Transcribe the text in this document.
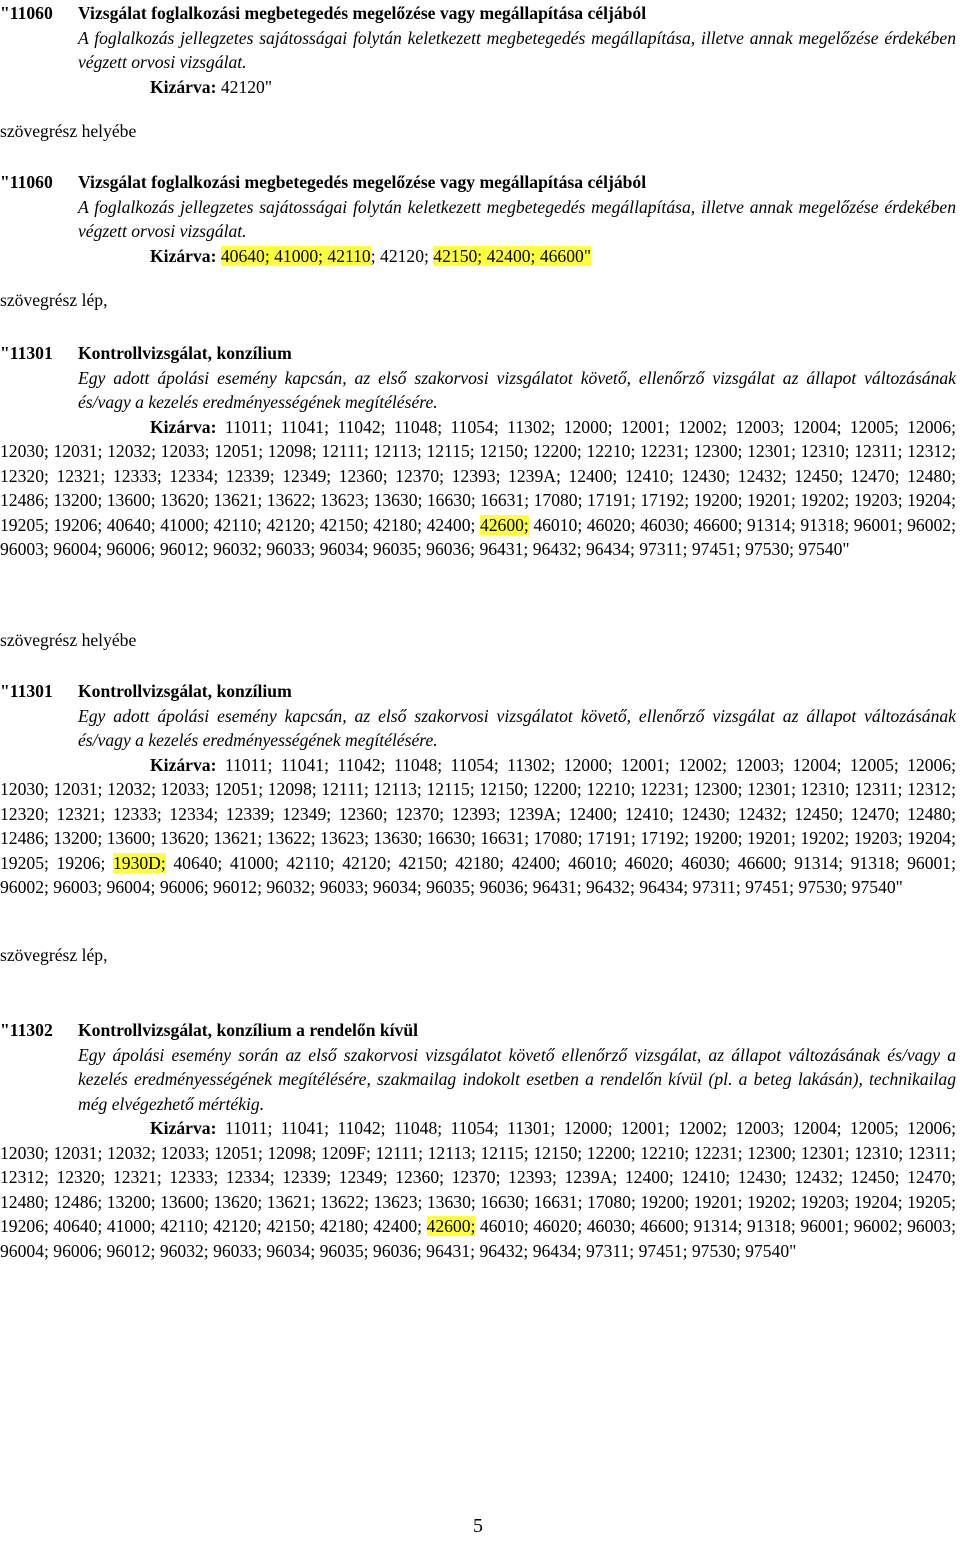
"11060 Vizsgálat foglalkozási megbetegedés megelőzése vagy megállapítása céljából
A foglalkozás jellegzetes sajátosságai folytán keletkezett megbetegedés megállapítása, illetve annak megelőzése érdekében végzett orvosi vizsgálat.
Kizárva: 42120"

szövegrész helyébe

"11060 Vizsgálat foglalkozási megbetegedés megelőzése vagy megállapítása céljából
A foglalkozás jellegzetes sajátosságai folytán keletkezett megbetegedés megállapítása, illetve annak megelőzése érdekében végzett orvosi vizsgálat.
Kizárva: 40640; 41000; 42110; 42120; 42150; 42400; 46600"

szövegrész lép,

"11301 Kontrollvizsgálat, konzílium
Egy adott ápolási esemény kapcsán, az első szakorvosi vizsgálatot követő, ellenőrző vizsgálat az állapot változásának és/vagy a kezelés eredményességének megítélésére.
Kizárva: 11011; 11041; 11042; 11048; 11054; 11302; 12000; 12001; 12002; 12003; 12004; 12005; 12006; 12030; 12031; 12032; 12033; 12051; 12098; 12111; 12113; 12115; 12150; 12200; 12210; 12231; 12300; 12301; 12310; 12311; 12312; 12320; 12321; 12333; 12334; 12339; 12349; 12360; 12370; 12393; 1239A; 12400; 12410; 12430; 12432; 12450; 12470; 12480; 12486; 13200; 13600; 13620; 13621; 13622; 13623; 13630; 16630; 16631; 17080; 17191; 17192; 19200; 19201; 19202; 19203; 19204; 19205; 19206; 40640; 41000; 42110; 42120; 42150; 42180; 42400; 42600; 46010; 46020; 46030; 46600; 91314; 91318; 96001; 96002; 96003; 96004; 96006; 96012; 96032; 96033; 96034; 96035; 96036; 96431; 96432; 96434; 97311; 97451; 97530; 97540"

szövegrész helyébe

"11301 Kontrollvizsgálat, konzílium
Egy adott ápolási esemény kapcsán, az első szakorvosi vizsgálatot követő, ellenőrző vizsgálat az állapot változásának és/vagy a kezelés eredményességének megítélésére.
Kizárva: 11011; 11041; 11042; 11048; 11054; 11302; 12000; 12001; 12002; 12003; 12004; 12005; 12006; 12030; 12031; 12032; 12033; 12051; 12098; 12111; 12113; 12115; 12150; 12200; 12210; 12231; 12300; 12301; 12310; 12311; 12312; 12320; 12321; 12333; 12334; 12339; 12349; 12360; 12370; 12393; 1239A; 12400; 12410; 12430; 12432; 12450; 12470; 12480; 12486; 13200; 13600; 13620; 13621; 13622; 13623; 13630; 16630; 16631; 17080; 17191; 17192; 19200; 19201; 19202; 19203; 19204; 19205; 19206; 1930D; 40640; 41000; 42110; 42120; 42150; 42180; 42400; 46010; 46020; 46030; 46600; 91314; 91318; 96001; 96002; 96003; 96004; 96006; 96012; 96032; 96033; 96034; 96035; 96036; 96431; 96432; 96434; 97311; 97451; 97530; 97540"

szövegrész lép,

"11302 Kontrollvizsgálat, konzílium a rendelőn kívül
Egy ápolási esemény során az első szakorvosi vizsgálatot követő ellenőrző vizsgálat, az állapot változásának és/vagy a kezelés eredményességének megítélésére, szakmailag indokolt esetben a rendelőn kívül (pl. a beteg lakásán), technikailag még elvégezhető mértékig.
Kizárva: 11011; 11041; 11042; 11048; 11054; 11301; 12000; 12001; 12002; 12003; 12004; 12005; 12006; 12030; 12031; 12032; 12033; 12051; 12098; 1209F; 12111; 12113; 12115; 12150; 12200; 12210; 12231; 12300; 12301; 12310; 12311; 12312; 12320; 12321; 12333; 12334; 12339; 12349; 12360; 12370; 12393; 1239A; 12400; 12410; 12430; 12432; 12450; 12470; 12480; 12486; 13200; 13600; 13620; 13621; 13622; 13623; 13630; 16630; 16631; 17080; 19200; 19201; 19202; 19203; 19204; 19205; 19206; 40640; 41000; 42110; 42120; 42150; 42180; 42400; 42600; 46010; 46020; 46030; 46600; 91314; 91318; 96001; 96002; 96003; 96004; 96006; 96012; 96032; 96033; 96034; 96035; 96036; 96431; 96432; 96434; 97311; 97451; 97530; 97540"
5
